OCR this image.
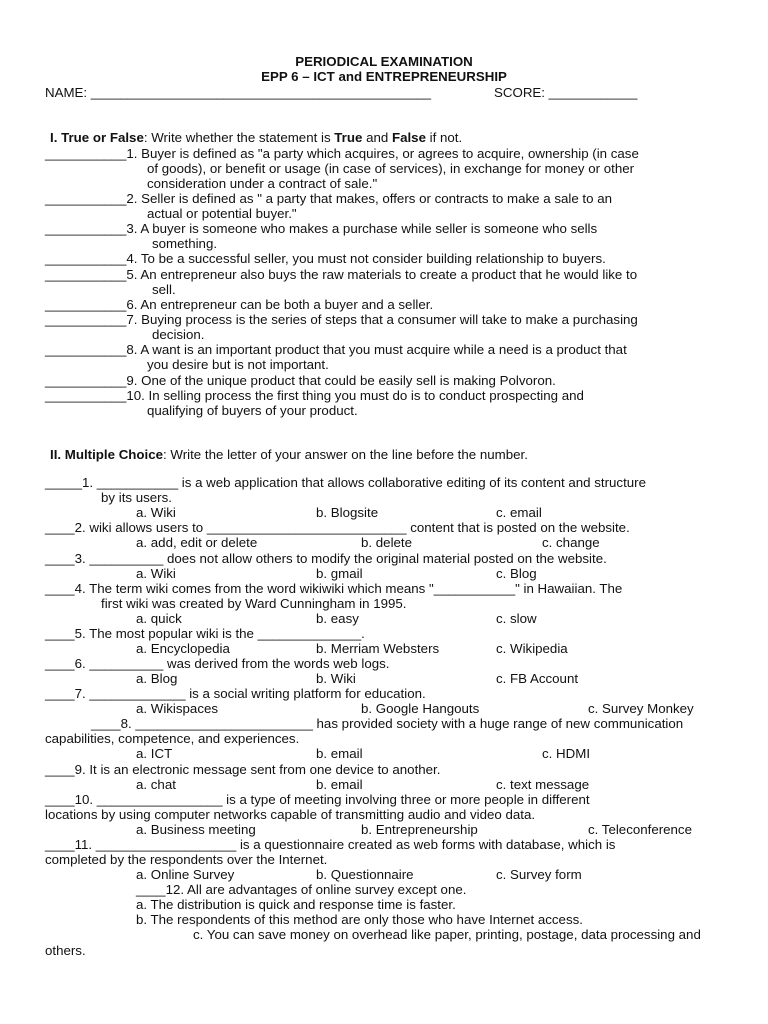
PERIODICAL EXAMINATION
EPP 6 – ICT and ENTREPRENEURSHIP
NAME: ______________________________________________	SCORE: ____________
I. True or False: Write whether the statement is True and False if not.
___________1. Buyer is defined as "a party which acquires, or agrees to acquire, ownership (in case
of goods), or benefit or usage (in case of services), in exchange for money or other
consideration under a contract of sale."
___________2. Seller is defined as " a party that makes, offers or contracts to make a sale to an
actual or potential buyer."
___________3. A buyer is someone who makes a purchase while seller is someone who sells
something.
___________4. To be a successful seller, you must not consider building relationship to buyers.
___________5. An entrepreneur also buys the raw materials to create a product that he would like to
sell.
___________6. An entrepreneur can be both a buyer and a seller.
___________7. Buying process is the series of steps that a consumer will take to make a purchasing
decision.
___________8. A want is an important product that you must acquire while a need is a product that
you desire but is not important.
___________9. One of the unique product that could be easily sell is making Polvoron.
___________10. In selling process the first thing you must do is to conduct prospecting and
qualifying of buyers of your product.
II. Multiple Choice: Write the letter of your answer on the line before the number.
_____1. ___________ is a web application that allows collaborative editing of its content and structure
by its users.
a. Wiki	b. Blogsite	c. email
____2. wiki allows users to ___________________________ content that is posted on the website.
a. add, edit or delete	b. delete	c. change
____3. __________ does not allow others to modify the original material posted on the website.
a. Wiki	b. gmail	c. Blog
____4. The term wiki comes from the word wikiwiki which means "___________" in Hawaiian. The
first wiki was created by Ward Cunningham in 1995.
a. quick	b. easy	c. slow
____5. The most popular wiki is the ______________.
a. Encyclopedia	b. Merriam Websters	c. Wikipedia
____6. __________ was derived from the words web logs.
a. Blog	b. Wiki	c. FB Account
____7. _____________ is a social writing platform for education.
a. Wikispaces	b. Google Hangouts	c. Survey Monkey
____8. ________________________ has provided society with a huge range of new communication
capabilities, competence, and experiences.
a. ICT	b. email	c. HDMI
____9. It is an electronic message sent from one device to another.
a. chat	b. email	c. text message
____10. _________________ is a type of meeting involving three or more people in different
locations by using computer networks capable of transmitting audio and video data.
a. Business meeting	b. Entrepreneurship	c. Teleconference
____11. ___________________ is a questionnaire created as web forms with database, which is
completed by the respondents over the Internet.
a. Online Survey	b. Questionnaire	c. Survey form
____12. All are advantages of online survey except one.
a. The distribution is quick and response time is faster.
b. The respondents of this method are only those who have Internet access.
c. You can save money on overhead like paper, printing, postage, data processing and
others.
